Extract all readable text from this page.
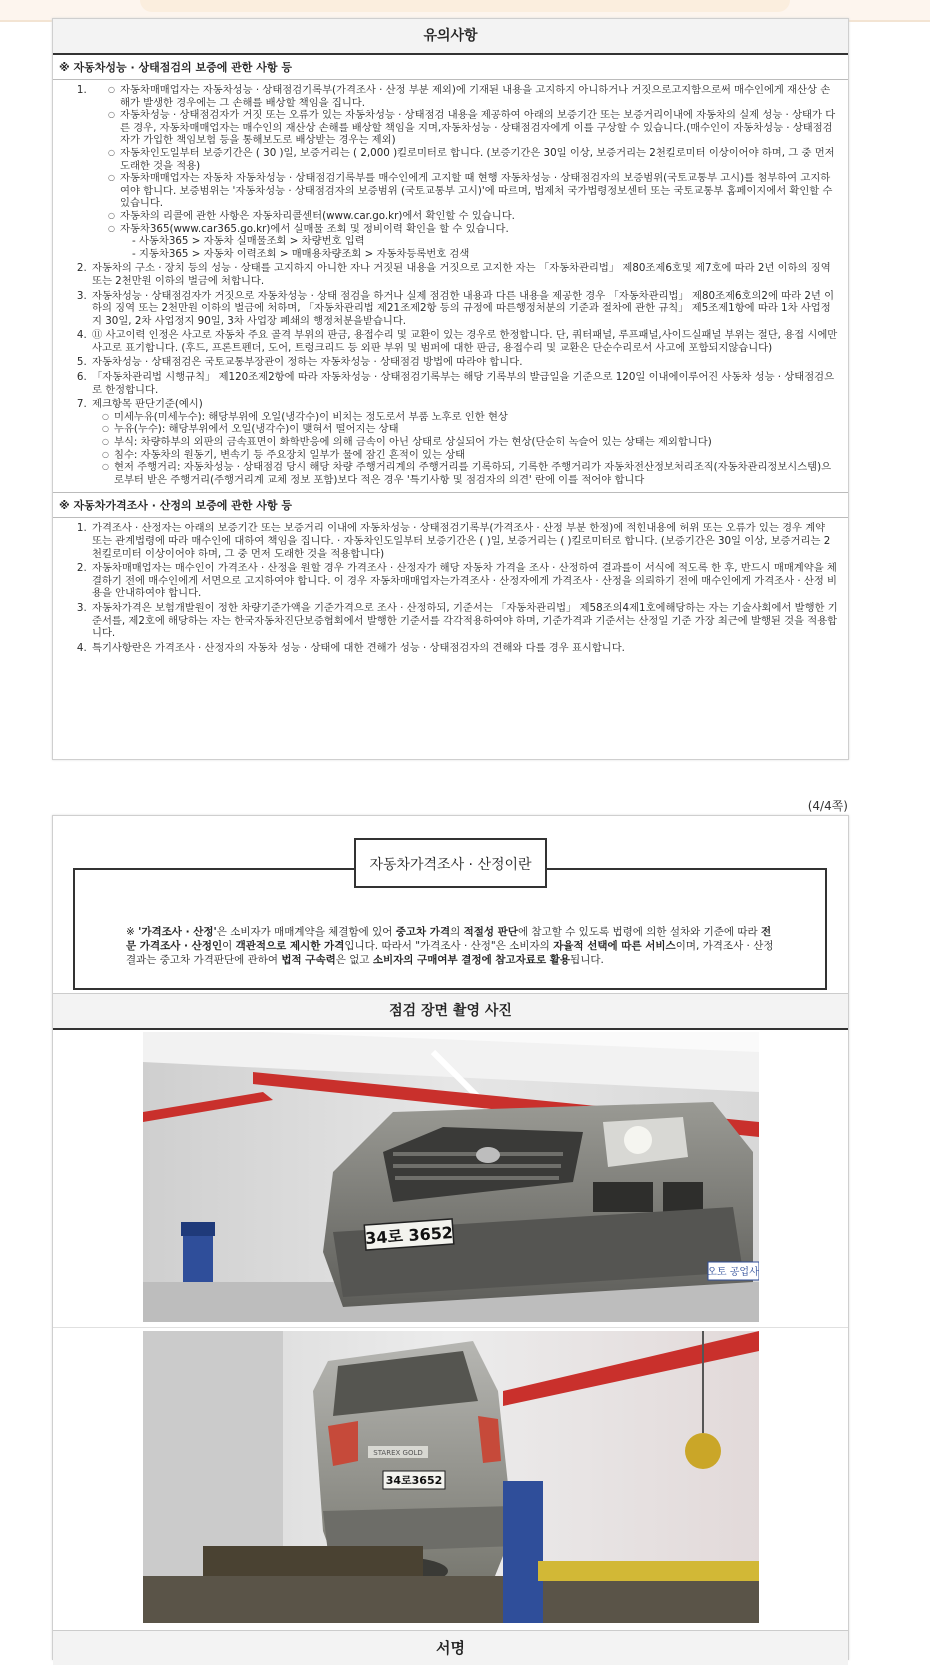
유의사항
※ 자동차성능 · 상태점검의 보증에 관한 사항 등
○ 1. 자동차매매업자는 자동차성능 · 상태점검기록부(가격조사 · 산정 부분 제외)에 기재된 내용을 고지하지 아니하거나 거짓으로고지함으로써 매수인에게 재산상 손해가 발생한 경우에는 그 손해를 배상할 책임을 집니다.
○ 자동차성능 · 상태점검자가 거짓 또는 오류가 있는 자동차성능 · 상태점검 내용을 제공하여 아래의 보증기간 또는 보증거리이내에 자동차의 실제 성능 · 상태가 다른 경우, 자동차매매업자는 매수인의 재산상 손해를 배상할 책임을 지며,자동차성능 · 상태점검자에게 이를 구상할 수 있습니다.(매수인이 자동차성능 · 상태점검자가 가입한 책임보험 등을 통해보도로 배상받는 경우는 제외)
○ 자동차인도일부터 보증기간은 ( 30 )일, 보증거리는 ( 2,000 )킬로미터로 합니다. (보증기간은 30일 이상, 보증거리는 2천킬로미터 이상이어야 하며, 그 중 먼저 도래한 것을 적용)
○ 자동차매매업자는 자동차 자동차성능 · 상태점검기록부를 매수인에게 고지할 때 현행 자동차성능 · 상태점검자의 보증범위(국토교통부 고시)를 첨부하여 고지하여야 합니다. 보증범위는 '자동차성능 · 상태점검자의 보증범위 (국토교통부 고시)'에 따르며, 법제처 국가법령정보센터 또는 국토교통부 홈페이지에서 확인할 수 있습니다.
○ 자동차의 리콜에 관한 사항은 자동차리콜센터(www.car.go.kr)에서 확인할 수 있습니다.
○ 자동차365(www.car365.go.kr)에서 실매물 조회 및 정비이력 확인을 할 수 있습니다.
- 사동차365 > 자동차 실매물조회 > 차량번호 입력
- 지동차365 > 자동차 이력조회 > 매매용차량조회 > 자동차등록번호 검색
2. 자동차의 구소 · 장치 등의 성능 · 상태를 고지하지 아니한 자나 거짓된 내용을 거짓으로 고지한 자는 「자동차관리법」 제80조제6호및 제7호에 따라 2년 이하의 징역 또는 2천만원 이하의 벌금에 처합니다.
3. 자동차성능 · 상태점검자가 거짓으로 자동차성능 · 상태 점검을 하거나 실제 점검한 내용과 다른 내용을 제공한 경우 「자동차관리법」 제80조제6호의2에 따라 2년 이하의 징역 또는 2천만원 이하의 벌금에 처하며, 「자동차관리법 제21조제2항 등의 규정에 따른행정처분의 기준과 절차에 관한 규칙」 제5조제1항에 따라 1차 사업정지 30일, 2차 사업정지 90일, 3차 사업장 폐쇄의 행정처분을받습니다.
4. ⑪ 사고이력 인정은 사고로 자동차 주요 골격 부위의 판금, 용접수리 및 교환이 있는 경우로 한정합니다. 단, 쿼터패널, 루프패널,사이드실패널 부위는 절단, 용접 시에만 사고로 표기합니다. (후드, 프론트펜더, 도어, 트렁크리드 등 외판 부위 및 범퍼에 대한 판금, 용접수리 및 교환은 단순수리로서 사고에 포함되지않습니다)
5. 자동차성능 · 상태점검은 국토교통부장관이 정하는 자동차성능 · 상태점검 방법에 따라야 합니다.
6. 「자동차관리법 시행규칙」 제120조제2항에 따라 자동차성능 · 상태점검기록부는 해당 기록부의 발급일을 기준으로 120일 이내에이루어진 사동차 성능 · 상태점검으로 한정합니다.
7. 제크항목 판단기준(예시)
○ 미세누유(미세누수): 해당부위에 오일(냉각수)이 비치는 정도로서 부품 노후로 인한 현상
○ 누유(누수): 해당부위에서 오일(냉각수)이 맺혀서 떨어지는 상태
○ 부식: 차량하부의 외판의 금속표면이 화학반응에 의해 금속이 아닌 상태로 상실되어 가는 현상(단순히 녹슬어 있는 상태는 제외합니다)
○ 침수: 자동차의 원동기, 변속기 등 주요장치 일부가 물에 잠긴 흔적이 있는 상태
○ 현저 주행거리: 자동차성능 · 상태점검 당시 해당 차량 주행거리계의 주행거리를 기록하되, 기록한 주행거리가 자동차전산정보처리조직(자동차관리정보시스템)으로부터 받은 주행거리(주행거리계 교체 정보 포함)보다 적은 경우 '특기사항 및 점검자의 의견' 란에 이를 적어야 합니다
※ 자동차가격조사 · 산정의 보증에 관한 사항 등
1. 가격조사 · 산정자는 아래의 보증기간 또는 보증거리 이내에 자동차성능 · 상태점검기록부(가격조사 · 산정 부분 한정)에 적힌내용에 허위 또는 오류가 있는 경우 계약 또는 관계법령에 따라 매수인에 대하여 책임을 집니다. · 자동차인도일부터 보증기간은 ( )일, 보증거리는 ( )킬로미터로 합니다. (보증기간은 30일 이상, 보증거리는 2천킬로미터 이상이어야 하며, 그 중 먼저 도래한 것을 적용합니다)
2. 자동차매매업자는 매수인이 가격조사 · 산정을 원할 경우 가격조사 · 산정자가 해당 자동차 가격을 조사 · 산정하여 결과를이 서식에 적도록 한 후, 반드시 매매계약을 체결하기 전에 매수인에게 서면으로 고지하여야 합니다. 이 경우 자동차매매업자는가격조사 · 산정자에게 가격조사 · 산정을 의뢰하기 전에 매수인에게 가격조사 · 산정 비용을 안내하여야 합니다.
3. 자동차가격은 보험개발원이 정한 차량기준가액을 기준가격으로 조사 · 산정하되, 기준서는 「자동차관리법」 제58조의4제1호에해당하는 자는 기술사회에서 발행한 기준서를, 제2호에 해당하는 자는 한국자동차진단보증협회에서 발행한 기준서를 각각적용하여야 하며, 기준가격과 기준서는 산정일 기준 가장 최근에 발행된 것을 적용합니다.
4. 특기사항란은 가격조사 · 산정자의 자동차 성능 · 상태에 대한 견해가 성능 · 상태점검자의 견해와 다를 경우 표시합니다.
(4/4쪽)
자동차가격조사 · 산정이란
※ '가격조사 · 산정'은 소비자가 매매계약을 체결함에 있어 중고차 가격의 적절성 판단에 참고할 수 있도록 법령에 의한 설차와 기준에 따라 전문 가격조사 · 산정인이 객관적으로 제시한 가격입니다. 따라서 "가격조사 · 산정"은 소비자의 자율적 선택에 따른 서비스이며, 가격조사 · 산정 결과는 중고차 가격판단에 관하여 법적 구속력은 없고 소비자의 구매여부 결정에 참고자료로 활용됩니다.
점검 장면 촬영 사진
34로 3652
오토 공업사
STAREX GOLD
34로3652
서명
